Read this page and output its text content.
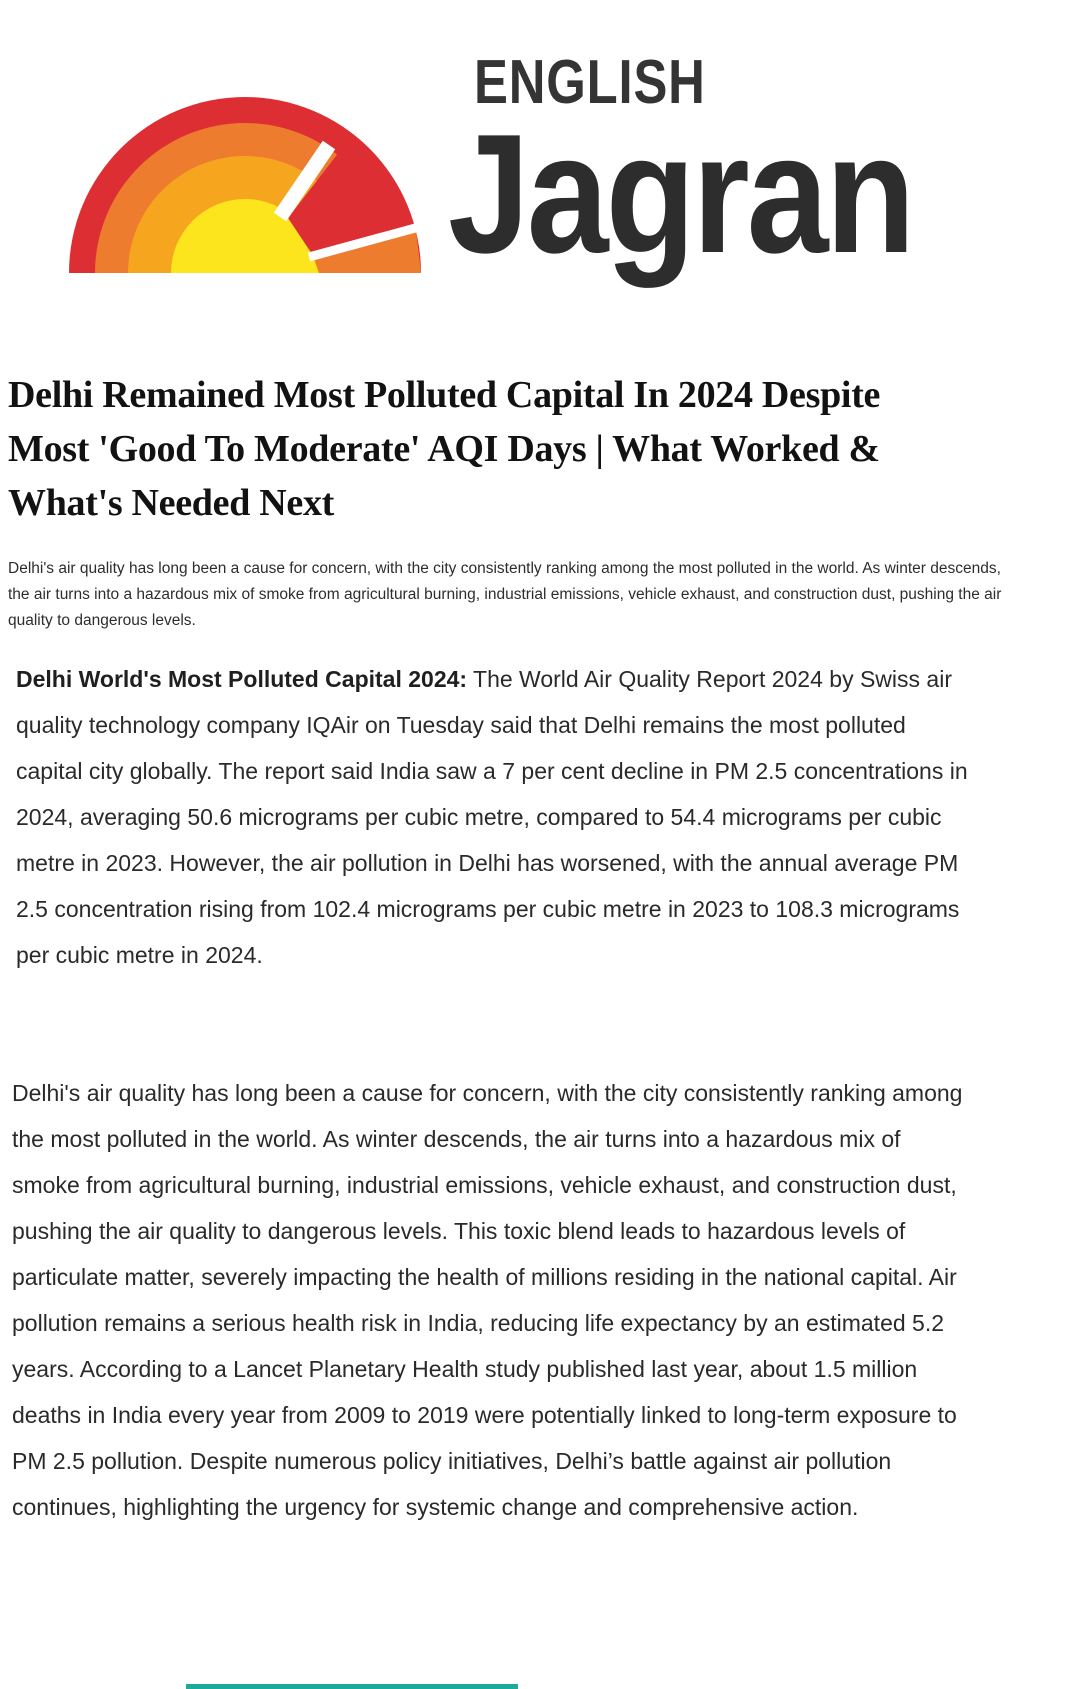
ENGLISH
Jagran
Delhi Remained Most Polluted Capital In 2024 Despite
Most 'Good To Moderate' AQI Days | What Worked &
What's Needed Next

Delhi's air quality has long been a cause for concern, with the city consistently ranking among the most polluted in the world. As winter descends, the air turns into a hazardous mix of smoke from agricultural burning, industrial emissions, vehicle exhaust, and construction dust, pushing the air quality to dangerous levels.

Delhi World's Most Polluted Capital 2024: The World Air Quality Report 2024 by Swiss air quality technology company IQAir on Tuesday said that Delhi remains the most polluted capital city globally. The report said India saw a 7 per cent decline in PM 2.5 concentrations in 2024, averaging 50.6 micrograms per cubic metre, compared to 54.4 micrograms per cubic metre in 2023. However, the air pollution in Delhi has worsened, with the annual average PM 2.5 concentration rising from 102.4 micrograms per cubic metre in 2023 to 108.3 micrograms per cubic metre in 2024.

Delhi's air quality has long been a cause for concern, with the city consistently ranking among the most polluted in the world. As winter descends, the air turns into a hazardous mix of smoke from agricultural burning, industrial emissions, vehicle exhaust, and construction dust, pushing the air quality to dangerous levels. This toxic blend leads to hazardous levels of particulate matter, severely impacting the health of millions residing in the national capital. Air pollution remains a serious health risk in India, reducing life expectancy by an estimated 5.2 years. According to a Lancet Planetary Health study published last year, about 1.5 million deaths in India every year from 2009 to 2019 were potentially linked to long-term exposure to PM 2.5 pollution. Despite numerous policy initiatives, Delhi’s battle against air pollution continues, highlighting the urgency for systemic change and comprehensive action.
